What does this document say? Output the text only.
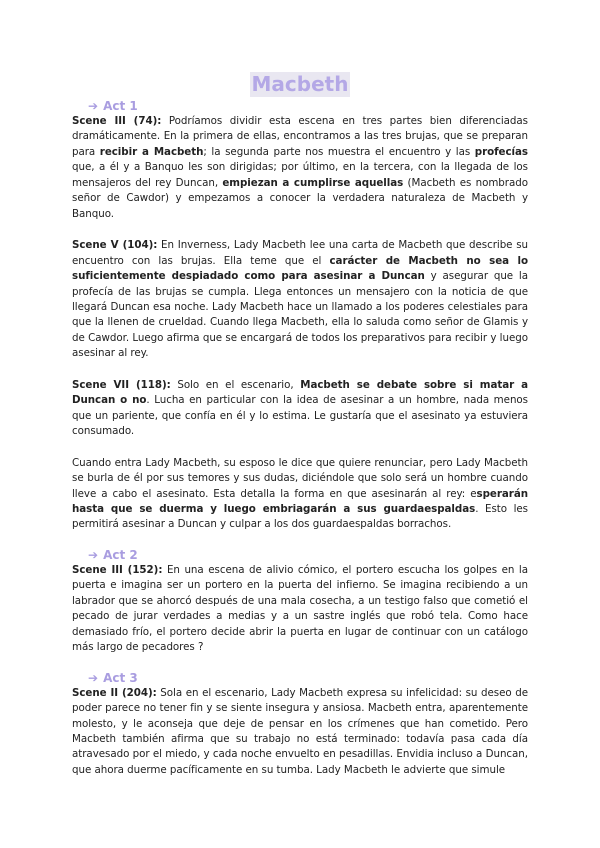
Macbeth
➔ Act 1

Scene III (74): Podríamos dividir esta escena en tres partes bien diferenciadas dramáticamente. En la primera de ellas, encontramos a las tres brujas, que se preparan para recibir a Macbeth; la segunda parte nos muestra el encuentro y las profecías que, a él y a Banquo les son dirigidas; por último, en la tercera, con la llegada de los mensajeros del rey Duncan, empiezan a cumplirse aquellas (Macbeth es nombrado señor de Cawdor) y empezamos a conocer la verdadera naturaleza de Macbeth y Banquo.

Scene V (104): En Inverness, Lady Macbeth lee una carta de Macbeth que describe su encuentro con las brujas. Ella teme que el carácter de Macbeth no sea lo suficientemente despiadado como para asesinar a Duncan y asegurar que la profecía de las brujas se cumpla. Llega entonces un mensajero con la noticia de que llegará Duncan esa noche. Lady Macbeth hace un llamado a los poderes celestiales para que la llenen de crueldad. Cuando llega Macbeth, ella lo saluda como señor de Glamis y de Cawdor. Luego afirma que se encargará de todos los preparativos para recibir y luego asesinar al rey.

Scene VII (118): Solo en el escenario, Macbeth se debate sobre si matar a Duncan o no. Lucha en particular con la idea de asesinar a un hombre, nada menos que un pariente, que confía en él y lo estima. Le gustaría que el asesinato ya estuviera consumado.

Cuando entra Lady Macbeth, su esposo le dice que quiere renunciar, pero Lady Macbeth se burla de él por sus temores y sus dudas, diciéndole que solo será un hombre cuando lleve a cabo el asesinato. Esta detalla la forma en que asesinarán al rey: esperarán hasta que se duerma y luego embriagarán a sus guardaespaldas. Esto les permitirá asesinar a Duncan y culpar a los dos guardaespaldas borrachos.

➔ Act 2

Scene III (152): En una escena de alivio cómico, el portero escucha los golpes en la puerta e imagina ser un portero en la puerta del infierno. Se imagina recibiendo a un labrador que se ahorcó después de una mala cosecha, a un testigo falso que cometió el pecado de jurar verdades a medias y a un sastre inglés que robó tela. Como hace demasiado frío, el portero decide abrir la puerta en lugar de continuar con un catálogo más largo de pecadores ?

➔ Act 3

Scene II (204): Sola en el escenario, Lady Macbeth expresa su infelicidad: su deseo de poder parece no tener fin y se siente insegura y ansiosa. Macbeth entra, aparentemente molesto, y le aconseja que deje de pensar en los crímenes que han cometido. Pero Macbeth también afirma que su trabajo no está terminado: todavía pasa cada día atravesado por el miedo, y cada noche envuelto en pesadillas. Envidia incluso a Duncan, que ahora duerme pacíficamente en su tumba. Lady Macbeth le advierte que simule
